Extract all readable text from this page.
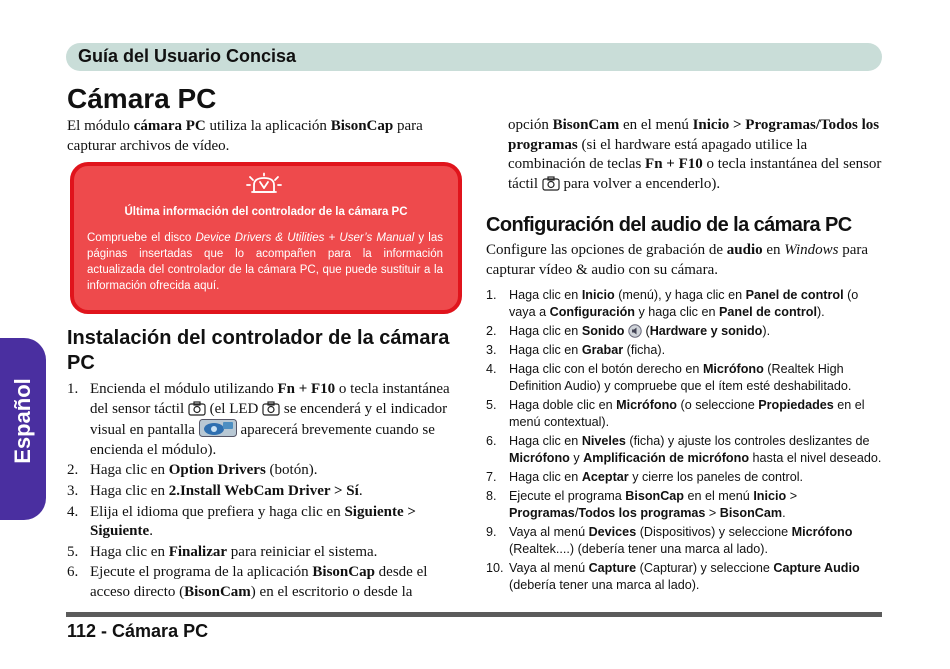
Guía del Usuario Concisa
Español
Cámara PC

El módulo cámara PC utiliza la aplicación BisonCap para capturar archivos de vídeo.

Última información del controlador de la cámara PC

Compruebe el disco Device Drivers & Utilities + User’s Manual y las páginas insertadas que lo acompañen para la información actualizada del controlador de la cámara PC, que puede sustituir a la información ofrecida aquí.

Instalación del controlador de la cámara PC
1. Encienda el módulo utilizando Fn + F10 o tecla instantánea del sensor táctil  (el LED  se encenderá y el indicador visual en pantalla	aparecerá brevemente cuando se encienda el módulo).
2. Haga clic en Option Drivers (botón).
3. Haga clic en 2.Install WebCam Driver > Sí.
4. Elija el idioma que prefiera y haga clic en Siguiente > Siguiente.
5. Haga clic en Finalizar para reiniciar el sistema.
6. Ejecute el programa de la aplicación BisonCap desde el acceso directo (BisonCam) en el escritorio o desde la

opción BisonCam en el menú Inicio > Programas/Todos los programas (si el hardware está apagado utilice la combinación de teclas Fn + F10 o tecla instantánea del sensor táctil  para volver a encenderlo).

Configuración del audio de la cámara PC

Configure las opciones de grabación de audio en Windows para capturar vídeo & audio con su cámara.

1. Haga clic en Inicio (menú), y haga clic en Panel de control (o vaya a Configuración y haga clic en Panel de control).
2. Haga clic en Sonido  (Hardware y sonido).
3. Haga clic en Grabar (ficha).
4. Haga clic con el botón derecho en Micrófono (Realtek High Definition Audio) y compruebe que el ítem esté deshabilitado.
5. Haga doble clic en Micrófono (o seleccione Propiedades en el menú contextual).
6. Haga clic en Niveles (ficha) y ajuste los controles deslizantes de Micrófono y Amplificación de micrófono hasta el nivel deseado.
7. Haga clic en Aceptar y cierre los paneles de control.
8. Ejecute el programa BisonCap en el menú Inicio > Programas/Todos los programas > BisonCam.
9. Vaya al menú Devices (Dispositivos) y seleccione Micrófono (Realtek....) (debería tener una marca al lado).
10. Vaya al menú Capture (Capturar) y seleccione Capture Audio (debería tener una marca al lado).
112 - Cámara PC
